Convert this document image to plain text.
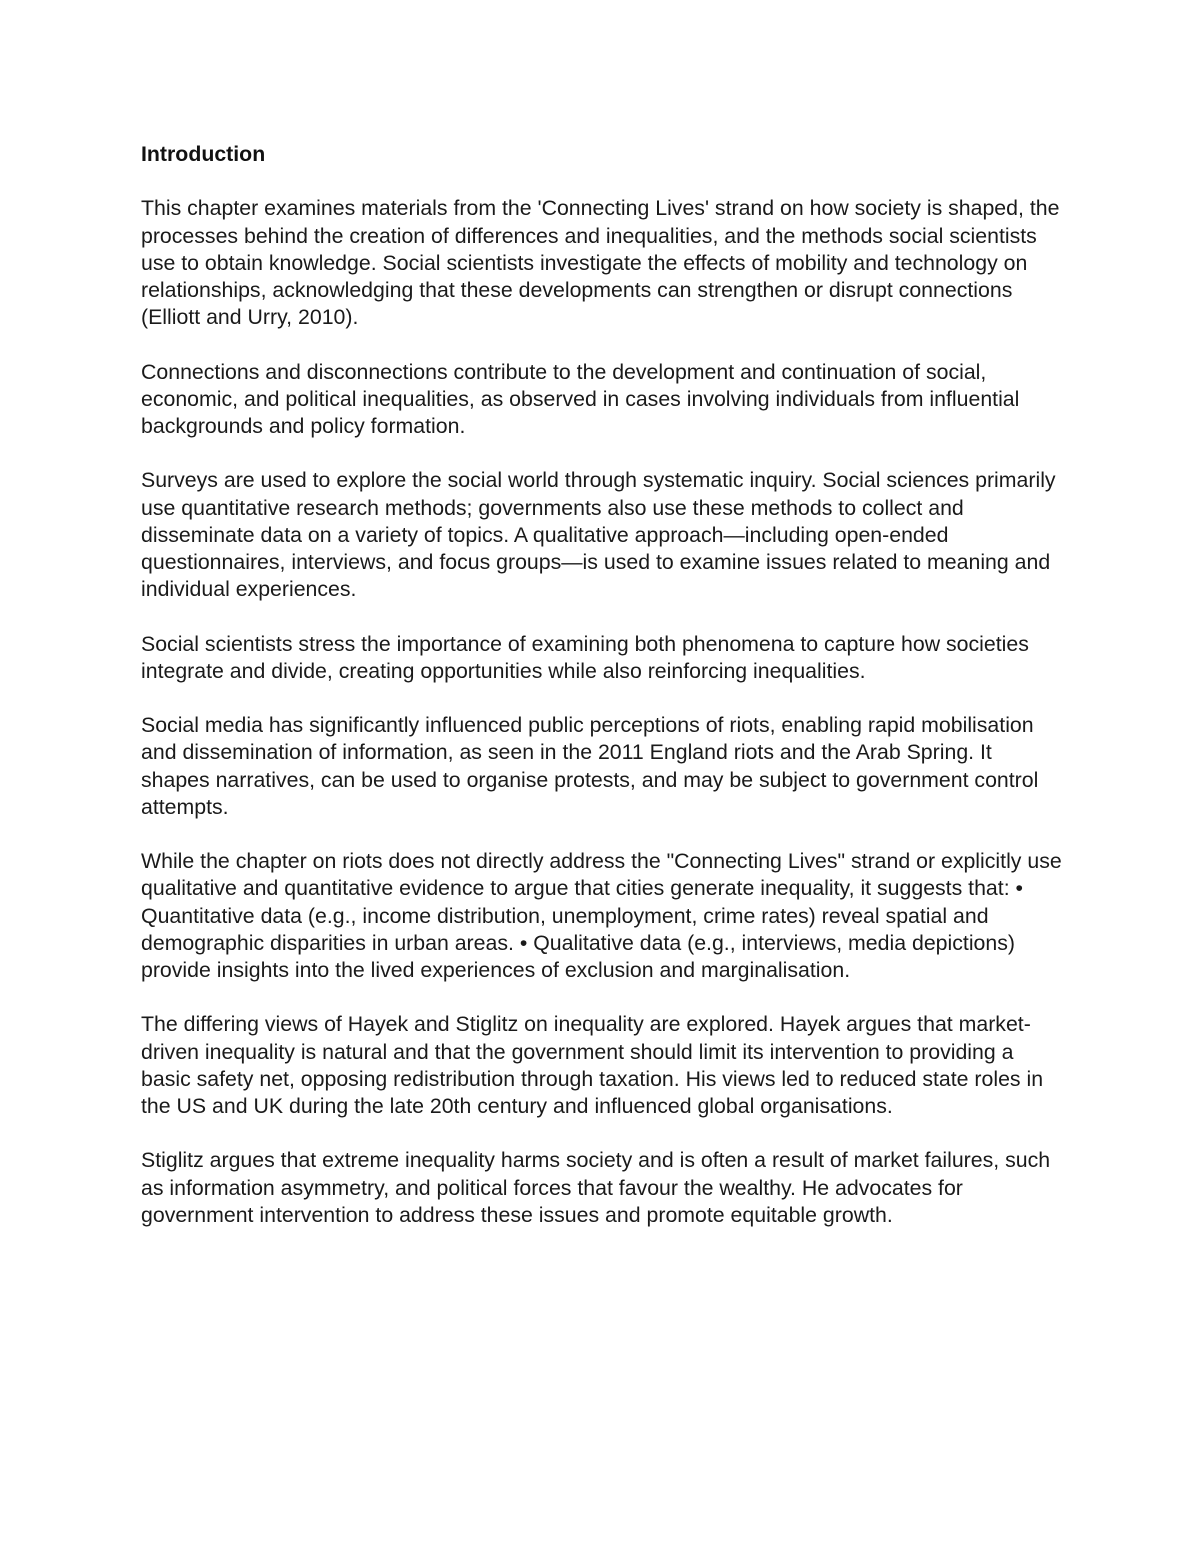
Introduction

This chapter examines materials from the 'Connecting Lives' strand on how society is shaped, the processes behind the creation of differences and inequalities, and the methods social scientists use to obtain knowledge. Social scientists investigate the effects of mobility and technology on relationships, acknowledging that these developments can strengthen or disrupt connections (Elliott and Urry, 2010).

Connections and disconnections contribute to the development and continuation of social, economic, and political inequalities, as observed in cases involving individuals from influential backgrounds and policy formation.

Surveys are used to explore the social world through systematic inquiry. Social sciences primarily use quantitative research methods; governments also use these methods to collect and disseminate data on a variety of topics. A qualitative approach—including open-ended questionnaires, interviews, and focus groups—is used to examine issues related to meaning and individual experiences.

Social scientists stress the importance of examining both phenomena to capture how societies integrate and divide, creating opportunities while also reinforcing inequalities.

Social media has significantly influenced public perceptions of riots, enabling rapid mobilisation and dissemination of information, as seen in the 2011 England riots and the Arab Spring. It shapes narratives, can be used to organise protests, and may be subject to government control attempts.

While the chapter on riots does not directly address the "Connecting Lives" strand or explicitly use qualitative and quantitative evidence to argue that cities generate inequality, it suggests that: • Quantitative data (e.g., income distribution, unemployment, crime rates) reveal spatial and demographic disparities in urban areas. • Qualitative data (e.g., interviews, media depictions) provide insights into the lived experiences of exclusion and marginalisation.

The differing views of Hayek and Stiglitz on inequality are explored. Hayek argues that market-driven inequality is natural and that the government should limit its intervention to providing a basic safety net, opposing redistribution through taxation. His views led to reduced state roles in the US and UK during the late 20th century and influenced global organisations.

Stiglitz argues that extreme inequality harms society and is often a result of market failures, such as information asymmetry, and political forces that favour the wealthy. He advocates for government intervention to address these issues and promote equitable growth.
